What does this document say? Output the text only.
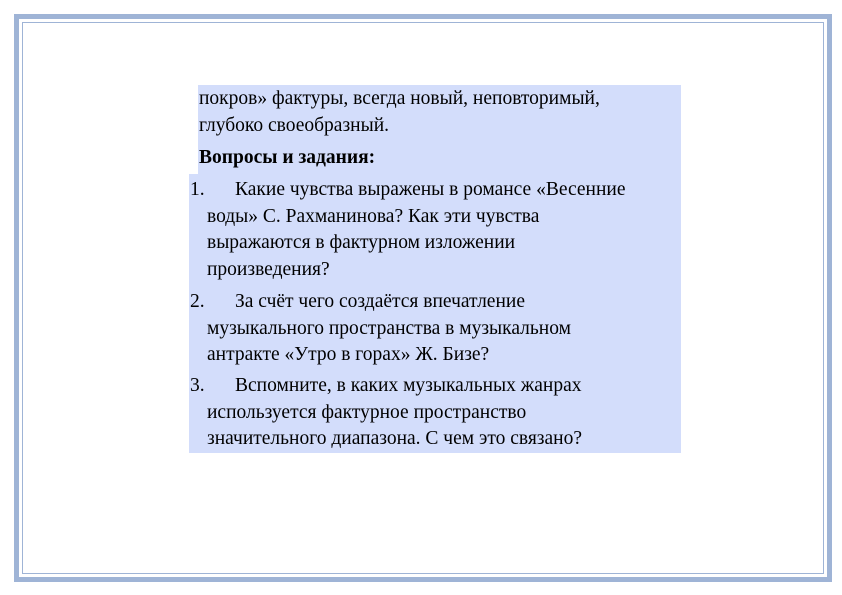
покров» фактуры, всегда новый, неповторимый,
глубоко своеобразный.
Вопросы и задания:
1.	Какие чувства выражены в романсе «Весенние
воды» С. Рахманинова? Как эти чувства
выражаются в фактурном изложении
произведения?
2.	За счёт чего создаётся впечатление
музыкального пространства в музыкальном
антракте «Утро в горах» Ж. Бизе?
3.	Вспомните, в каких музыкальных жанрах
используется фактурное пространство
значительного диапазона. С чем это связано?
